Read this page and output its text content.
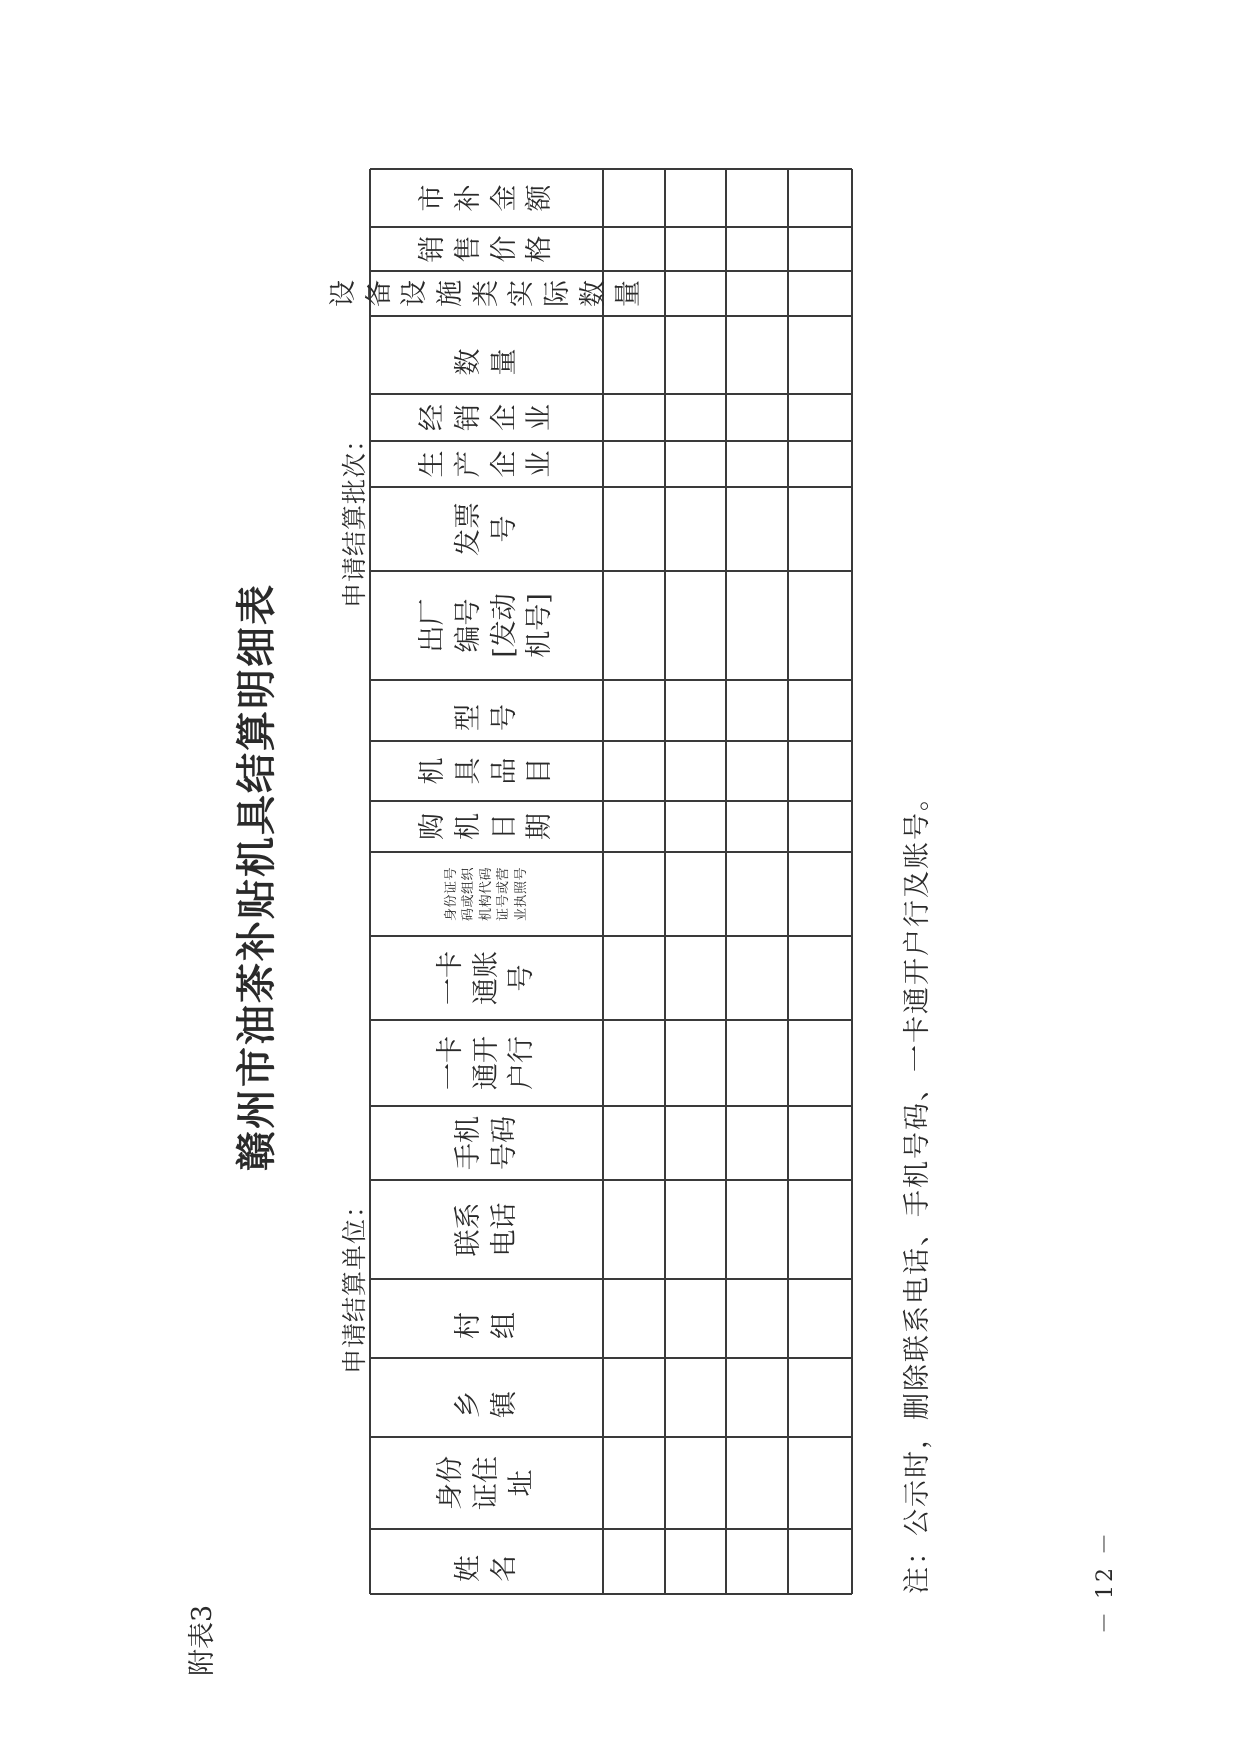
附表3
赣州市油茶补贴机具结算明细表
申请结算单位：
申请结算批次：
姓名
身份
证住
址
乡镇
村组
联系
电话
手机
号码
一卡
通开
户行
一卡
通账
号
身份证号
码或组织
机构代码
证号或营
业执照号
购机
日期
机具
品目
型号
出厂
编号
[发动
机号]
发票
号
生产
企业
经销
企业
数量
设备设施
类实际数
量
销售
价格
市补
金额
注：公示时，删除联系电话、手机号码、一卡通开户行及账号。	－ 12 －
